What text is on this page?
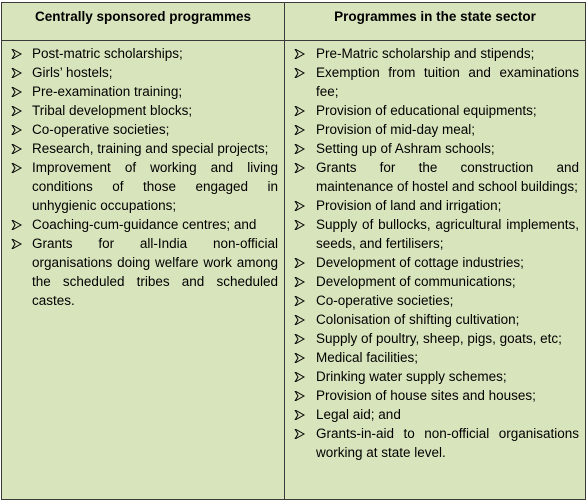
Centrally sponsored programmes	Programmes in the state sector
Post-matric scholarships;
Girls’ hostels;
Pre-examination training;
Tribal development blocks;
Co-operative societies;
Research, training and special projects;
Improvement of working and living conditions of those engaged in unhygienic occupations;
Coaching-cum-guidance centres; and
Grants for all-India non-official organisations doing welfare work among the scheduled tribes and scheduled castes.
Pre-Matric scholarship and stipends;
Exemption from tuition and examinations fee;
Provision of educational equipments;
Provision of mid-day meal;
Setting up of Ashram schools;
Grants for the construction and maintenance of hostel and school buildings;
Provision of land and irrigation;
Supply of bullocks, agricultural implements, seeds, and fertilisers;
Development of cottage industries;
Development of communications;
Co-operative societies;
Colonisation of shifting cultivation;
Supply of poultry, sheep, pigs, goats, etc;
Medical facilities;
Drinking water supply schemes;
Provision of house sites and houses;
Legal aid; and
Grants-in-aid to non-official organisations working at state level.
